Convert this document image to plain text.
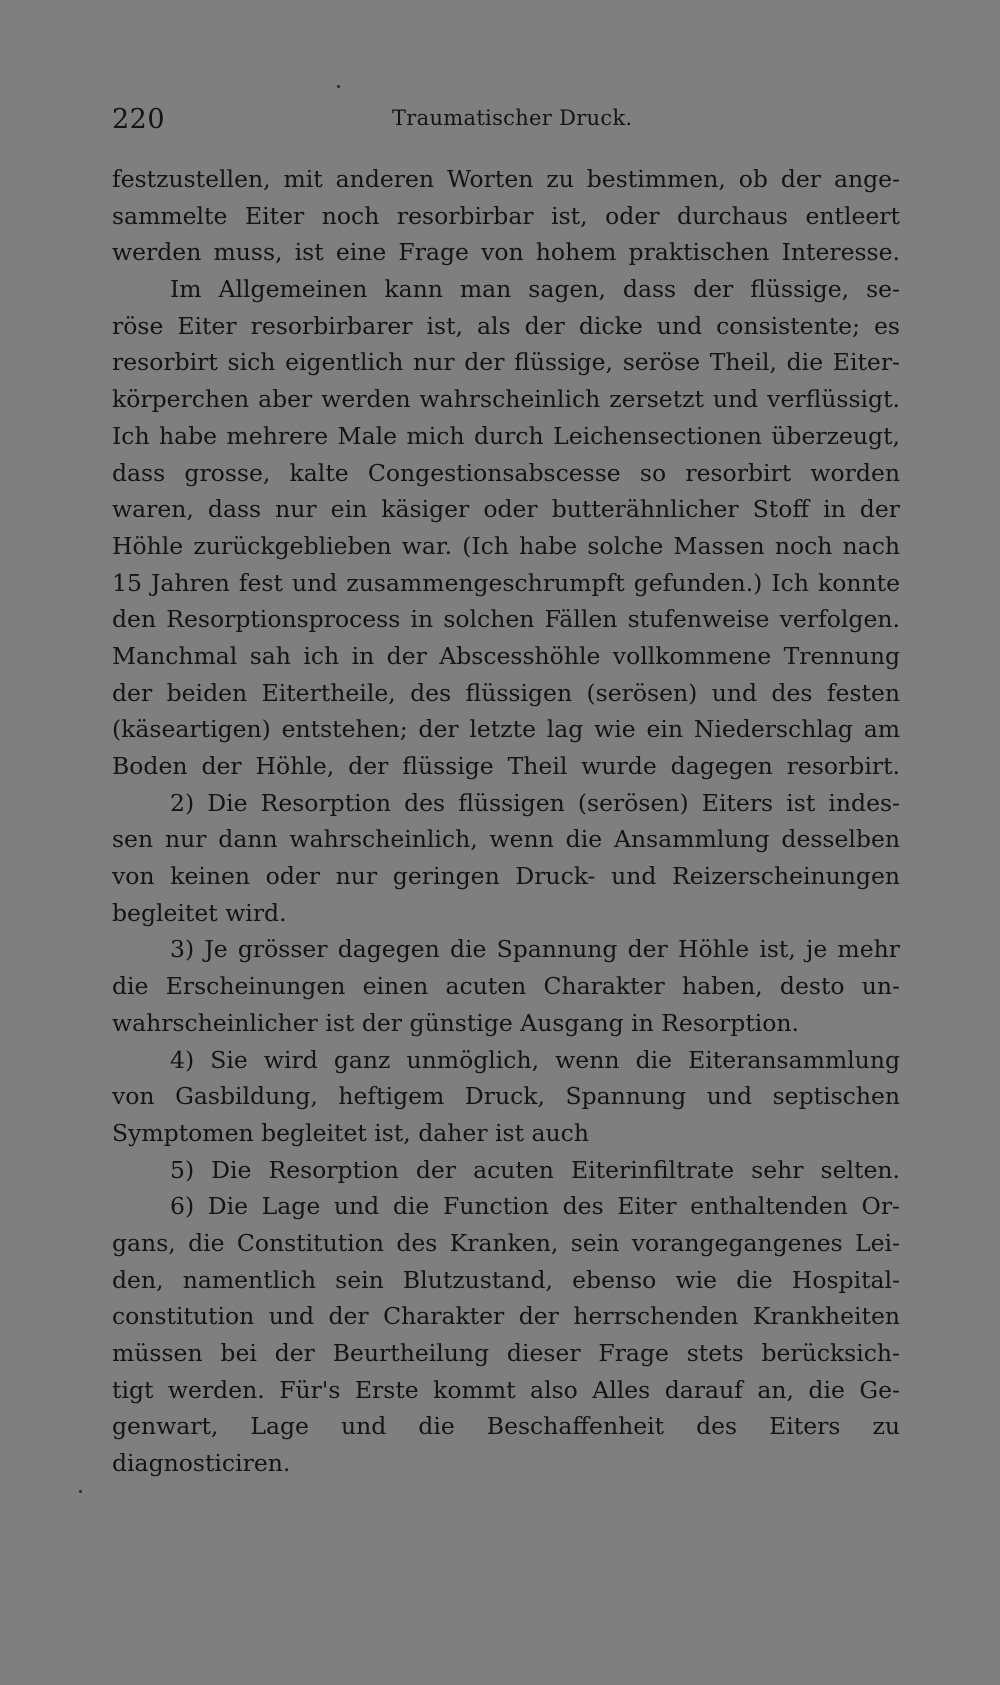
220	Traumatischer Druck.
festzustellen, mit anderen Worten zu bestimmen, ob der ange-
sammelte Eiter noch resorbirbar ist, oder durchaus entleert
werden muss, ist eine Frage von hohem praktischen Interesse.
Im Allgemeinen kann man sagen, dass der flüssige, se-
röse Eiter resorbirbarer ist, als der dicke und consistente; es
resorbirt sich eigentlich nur der flüssige, seröse Theil, die Eiter-
körperchen aber werden wahrscheinlich zersetzt und verflüssigt.
Ich habe mehrere Male mich durch Leichensectionen überzeugt,
dass grosse, kalte Congestionsabscesse so resorbirt worden
waren, dass nur ein käsiger oder butterähnlicher Stoff in der
Höhle zurückgeblieben war. (Ich habe solche Massen noch nach
15 Jahren fest und zusammengeschrumpft gefunden.) Ich konnte
den Resorptionsprocess in solchen Fällen stufenweise verfolgen.
Manchmal sah ich in der Abscesshöhle vollkommene Trennung
der beiden Eitertheile, des flüssigen (serösen) und des festen
(käseartigen) entstehen; der letzte lag wie ein Niederschlag am
Boden der Höhle, der flüssige Theil wurde dagegen resorbirt.
2) Die Resorption des flüssigen (serösen) Eiters ist indes-
sen nur dann wahrscheinlich, wenn die Ansammlung desselben
von keinen oder nur geringen Druck- und Reizerscheinungen
begleitet wird.
3) Je grösser dagegen die Spannung der Höhle ist, je mehr
die Erscheinungen einen acuten Charakter haben, desto un-
wahrscheinlicher ist der günstige Ausgang in Resorption.
4) Sie wird ganz unmöglich, wenn die Eiteransammlung
von Gasbildung, heftigem Druck, Spannung und septischen
Symptomen begleitet ist, daher ist auch
5) Die Resorption der acuten Eiterinfiltrate sehr selten.
6) Die Lage und die Function des Eiter enthaltenden Or-
gans, die Constitution des Kranken, sein vorangegangenes Lei-
den, namentlich sein Blutzustand, ebenso wie die Hospital-
constitution und der Charakter der herrschenden Krankheiten
müssen bei der Beurtheilung dieser Frage stets berücksich-
tigt werden. Für's Erste kommt also Alles darauf an, die Ge-
genwart, Lage und die Beschaffenheit des Eiters zu
diagnosticiren.
